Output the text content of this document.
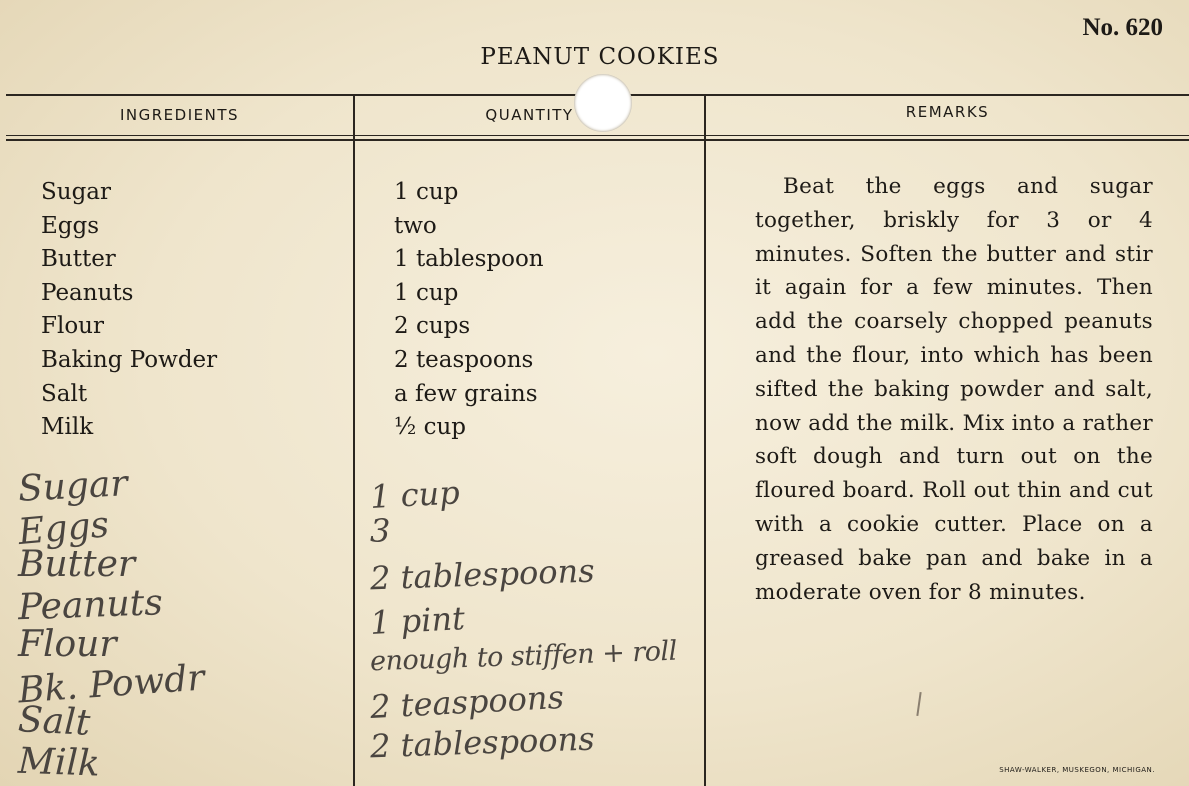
No. 620
PEANUT COOKIES
INGREDIENTS	QUANTITY	REMARKS
Sugar
Eggs
Butter
Peanuts
Flour
Baking Powder
Salt
Milk
1 cup
two
1 tablespoon
1 cup
2 cups
2 teaspoons
a few grains
½ cup
Sugar
Eggs
Butter
Peanuts
Flour
Bk. Powdr
Salt
Milk
1 cup
3
2 tablespoons
1 pint
enough to stiffen + roll
2 teaspoons
2 tablespoons
Beat the eggs and sugar together, briskly for 3 or 4 minutes. Soften the butter and stir it again for a few minutes. Then add the coarsely chopped peanuts and the flour, into which has been sifted the baking powder and salt, now add the milk. Mix into a rather soft dough and turn out on the floured board. Roll out thin and cut with a cookie cutter. Place on a greased bake pan and bake in a moderate oven for 8 minutes.
SHAW-WALKER, MUSKEGON, MICHIGAN.
